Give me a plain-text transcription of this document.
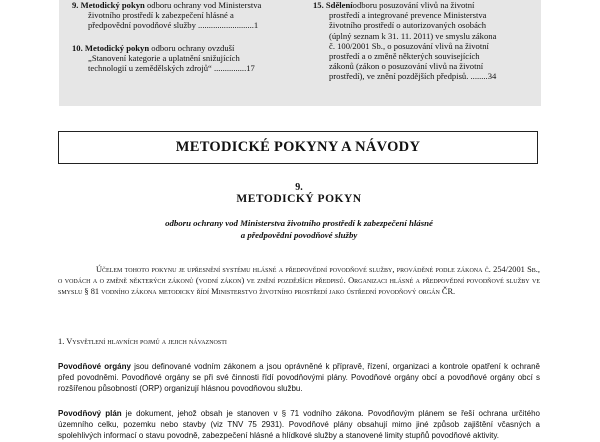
9. Metodický pokyn odboru ochrany vod Ministerstva
životního prostředí k zabezpečení hlásné a
předpovědní povodňové služby ..........................1
10. Metodický pokyn odboru ochrany ovzduší
„Stanovení kategorie a uplatnění snižujících
technologií u zemědělských zdrojů“ ...............17
15. Sděleníodboru posuzování vlivů na životní
prostředí a integrované prevence Ministerstva
životního prostředí o autorizovaných osobách
(úplný seznam k 31. 11. 2011) ve smyslu zákona
č. 100/2001 Sb., o posuzování vlivů na životní
prostředí a o změně některých souvisejících
zákonů (zákon o posuzování vlivů na životní
prostředí), ve znění pozdějších předpisů. ........34
METODICKÉ POKYNY A NÁVODY
9.
METODICKÝ POKYN
odboru ochrany vod Ministerstva životního prostředí k zabezpečení hlásné
a předpovědní povodňové služby
Účelem tohoto pokynu je upřesnění systému hlásné a předpovědní povodňové služby, prováděné podle zákona č. 254/2001 Sb., o vodách a o změně některých zákonů (vodní zákon) ve znění pozdějších předpisů. Organizaci hlásné a předpovědní povodňové služby ve smyslu § 81 vodního zákona metodicky řídí Ministerstvo životního prostředí jako ústřední povodňový orgán ČR.
1. Vysvětlení hlavních pojmů a jejich návaznosti
Povodňové orgány jsou definované vodním zákonem a jsou oprávněné k přípravě, řízení, organizaci a kontrole opatření k ochraně před povodněmi. Povodňové orgány se při své činnosti řídí povodňovými plány. Povodňové orgány obcí a povodňové orgány obcí s rozšířenou působností (ORP) organizují hlásnou povodňovou službu.
Povodňový plán je dokument, jehož obsah je stanoven v § 71 vodního zákona. Povodňovým plánem se řeší ochrana určitého územního celku, pozemku nebo stavby (viz TNV 75 2931). Povodňové plány obsahují mimo jiné způsob zajištění včasných a spolehlivých informací o stavu povodně, zabezpečení hlásné a hlídkové služby a stanovené limity stupňů povodňové aktivity.
